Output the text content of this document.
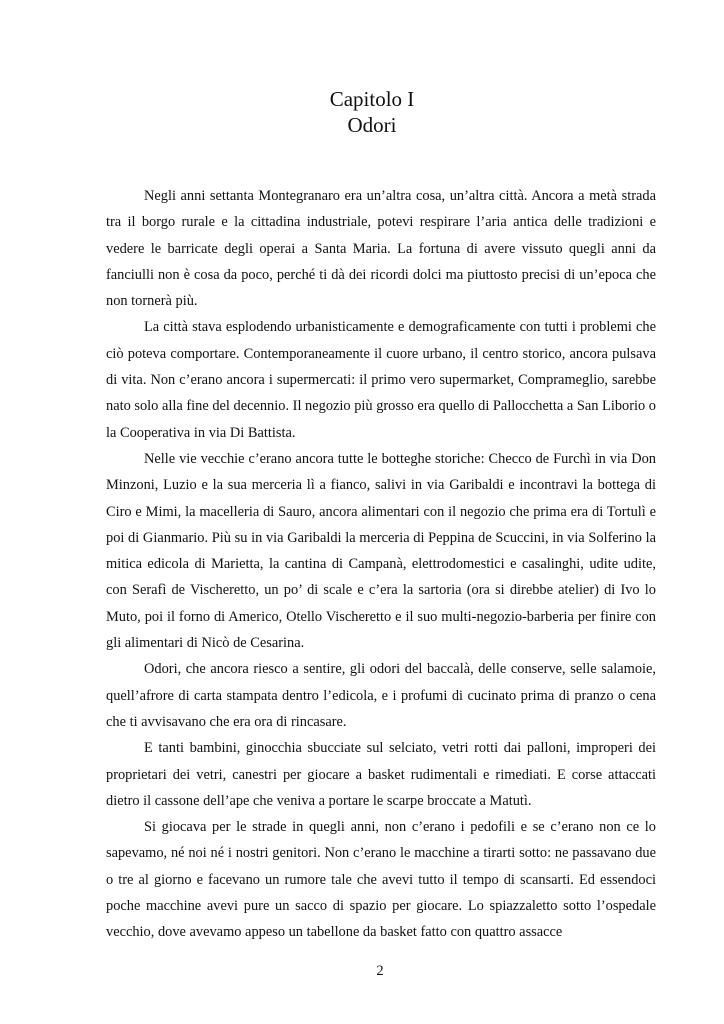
Capitolo I
Odori

Negli anni settanta Montegranaro era un’altra cosa, un’altra città. Ancora a metà strada tra il borgo rurale e la cittadina industriale, potevi respirare l’aria antica delle tradizioni e vedere le barricate degli operai a Santa Maria. La fortuna di avere vissuto quegli anni da fanciulli non è cosa da poco, perché ti dà dei ricordi dolci ma piuttosto precisi di un’epoca che non tornerà più.

La città stava esplodendo urbanisticamente e demograficamente con tutti i problemi che ciò poteva comportare. Contemporaneamente il cuore urbano, il centro storico, ancora pulsava di vita. Non c’erano ancora i supermercati: il primo vero supermarket, Comprameglio, sarebbe nato solo alla fine del decennio. Il negozio più grosso era quello di Pallocchetta a San Liborio o la Cooperativa in via Di Battista.

Nelle vie vecchie c’erano ancora tutte le botteghe storiche: Checco de Furchì in via Don Minzoni, Luzio e la sua merceria lì a fianco, salivi in via Garibaldi e incontravi la bottega di Ciro e Mimi, la macelleria di Sauro, ancora alimentari con il negozio che prima era di Tortulì e poi di Gianmario. Più su in via Garibaldi la merceria di Peppina de Scuccini, in via Solferino la mitica edicola di Marietta, la cantina di Campanà, elettrodomestici e casalinghi, udite udite, con Serafì de Vischeretto, un po’ di scale e c’era la sartoria (ora si direbbe atelier) di Ivo lo Muto, poi il forno di Americo, Otello Vischeretto e il suo multi-negozio-barberia per finire con gli alimentari di Nicò de Cesarina.

Odori, che ancora riesco a sentire, gli odori del baccalà, delle conserve, selle salamoie, quell’afrore di carta stampata dentro l’edicola, e i profumi di cucinato prima di pranzo o cena che ti avvisavano che era ora di rincasare.

E tanti bambini, ginocchia sbucciate sul selciato, vetri rotti dai palloni, improperi dei proprietari dei vetri, canestri per giocare a basket rudimentali e rimediati. E corse attaccati dietro il cassone dell’ape che veniva a portare le scarpe broccate a Matutì.

Si giocava per le strade in quegli anni, non c’erano i pedofili e se c’erano non ce lo sapevamo, né noi né i nostri genitori. Non c’erano le macchine a tirarti sotto: ne passavano due o tre al giorno e facevano un rumore tale che avevi tutto il tempo di scansarti. Ed essendoci poche macchine avevi pure un sacco di spazio per giocare. Lo spiazzaletto sotto l’ospedale vecchio, dove avevamo appeso un tabellone da basket fatto con quattro assacce

2
